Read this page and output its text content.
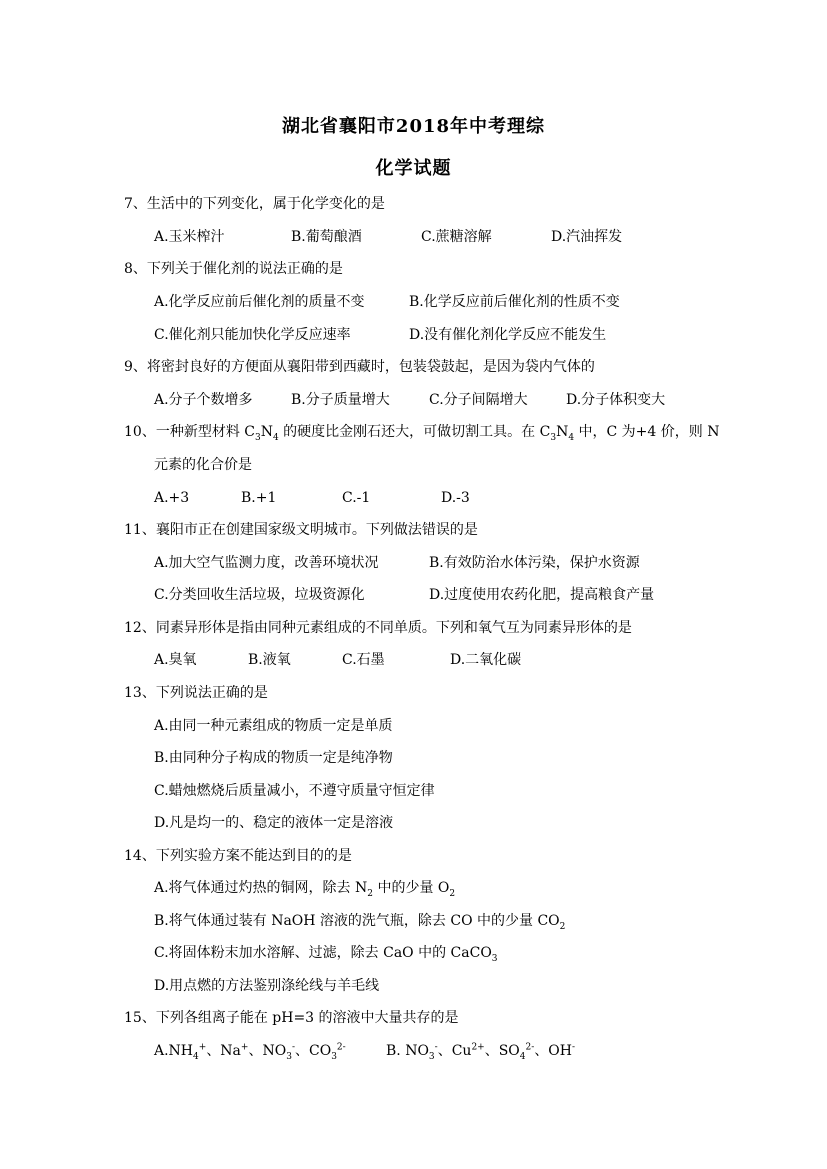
湖北省襄阳市2018年中考理综
化学试题
7、生活中的下列变化，属于化学变化的是
A.玉米榨汁	B.葡萄酿酒	C.蔗糖溶解	D.汽油挥发
8、下列关于催化剂的说法正确的是
A.化学反应前后催化剂的质量不变	B.化学反应前后催化剂的性质不变
C.催化剂只能加快化学反应速率	D.没有催化剂化学反应不能发生
9、将密封良好的方便面从襄阳带到西藏时，包装袋鼓起，是因为袋内气体的
A.分子个数增多	B.分子质量增大	C.分子间隔增大	D.分子体积变大
10、一种新型材料 $C_3N_4$ 的硬度比金刚石还大，可做切割工具。在 $C_3N_4$ 中，C 为+4 价，则 N
元素的化合价是
A.+3	B.+1	C.-1	D.-3
11、襄阳市正在创建国家级文明城市。下列做法错误的是
A.加大空气监测力度，改善环境状况	B.有效防治水体污染，保护水资源
C.分类回收生活垃圾，垃圾资源化	D.过度使用农药化肥，提高粮食产量
12、同素异形体是指由同种元素组成的不同单质。下列和氧气互为同素异形体的是
A.臭氧	B.液氧	C.石墨	D.二氧化碳
13、下列说法正确的是
A.由同一种元素组成的物质一定是单质
B.由同种分子构成的物质一定是纯净物
C.蜡烛燃烧后质量减小，不遵守质量守恒定律
D.凡是均一的、稳定的液体一定是溶液
14、下列实验方案不能达到目的的是
A.将气体通过灼热的铜网，除去 $N_2$ 中的少量 $O_2$
B.将气体通过装有 NaOH 溶液的洗气瓶，除去 CO 中的少量 $CO_2$
C.将固体粉末加水溶解、过滤，除去 CaO 中的 CaCO$_3$
D.用点燃的方法鉴别涤纶线与羊毛线
15、下列各组离子能在 pH=3 的溶液中大量共存的是
$A.NH_4^+$、Na+、$NO_3^-$、$CO_3^{2-}$	B. $NO_3^-$、$Cu^{2+}$、$SO_4^{2-}$、OH-
